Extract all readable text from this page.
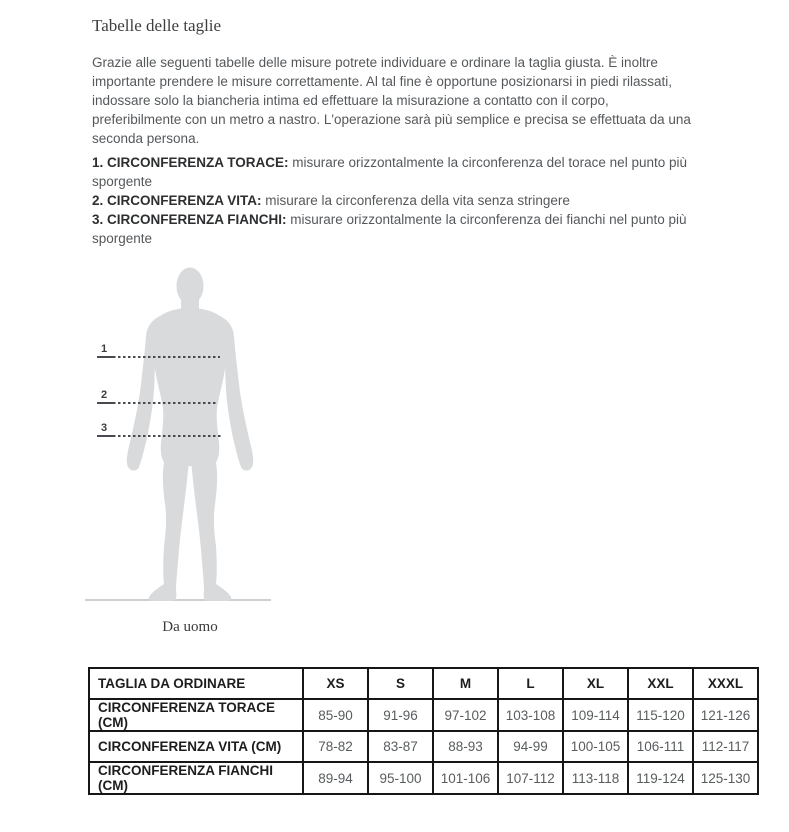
Tabelle delle taglie
Grazie alle seguenti tabelle delle misure potrete individuare e ordinare la taglia giusta. È inoltre
importante prendere le misure correttamente. Al tal fine è opportune posizionarsi in piedi rilassati,
indossare solo la biancheria intima ed effettuare la misurazione a contatto con il corpo,
preferibilmente con un metro a nastro. L'operazione sarà più semplice e precisa se effettuata da una
seconda persona.
1. CIRCONFERENZA TORACE: misurare orizzontalmente la circonferenza del torace nel punto più
sporgente
2. CIRCONFERENZA VITA: misurare la circonferenza della vita senza stringere
3. CIRCONFERENZA FIANCHI: misurare orizzontalmente la circonferenza dei fianchi nel punto più
sporgente
1
2
3
Da uomo
TAGLIA DA ORDINARE	XS	S	M	L	XL	XXL	XXXL
CIRCONFERENZA TORACE (CM)	85-90	91-96	97-102	103-108	109-114	115-120	121-126
CIRCONFERENZA VITA (CM)	78-82	83-87	88-93	94-99	100-105	106-111	112-117
CIRCONFERENZA FIANCHI (CM)	89-94	95-100	101-106	107-112	113-118	119-124	125-130
